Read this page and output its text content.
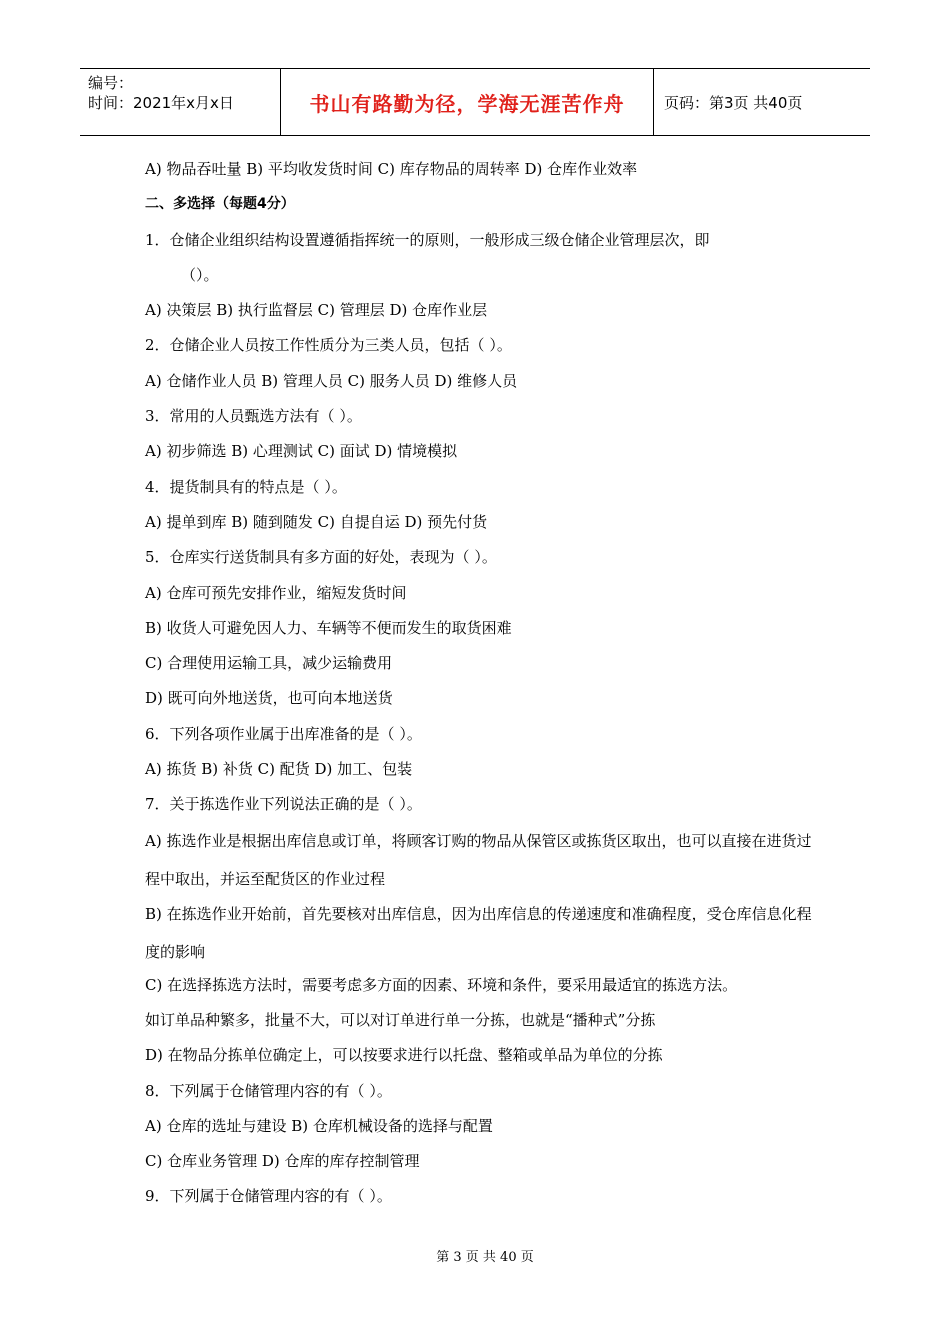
编号：
时间：2021年x月x日	书山有路勤为径，学海无涯苦作舟	页码：第3页 共40页
A) 物品吞吐量 B) 平均收发货时间 C) 库存物品的周转率 D) 仓库作业效率
二、多选择（每题4分）
1．仓储企业组织结构设置遵循指挥统一的原则，一般形成三级仓储企业管理层次，即
（）。
A) 决策层 B) 执行监督层 C) 管理层 D) 仓库作业层
2．仓储企业人员按工作性质分为三类人员，包括（ ）。
A) 仓储作业人员 B) 管理人员 C) 服务人员 D) 维修人员
3．常用的人员甄选方法有（ ）。
A) 初步筛选 B) 心理测试 C) 面试 D) 情境模拟
4．提货制具有的特点是（ ）。
A) 提单到库 B) 随到随发 C) 自提自运 D) 预先付货
5．仓库实行送货制具有多方面的好处，表现为（ ）。
A) 仓库可预先安排作业，缩短发货时间
B) 收货人可避免因人力、车辆等不便而发生的取货困难
C) 合理使用运输工具，减少运输费用
D) 既可向外地送货，也可向本地送货
6．下列各项作业属于出库准备的是（ ）。
A) 拣货 B) 补货 C) 配货 D) 加工、包装
7．关于拣选作业下列说法正确的是（ ）。
A) 拣选作业是根据出库信息或订单，将顾客订购的物品从保管区或拣货区取出，也可以直接在进货过程中取出，并运至配货区的作业过程
B) 在拣选作业开始前，首先要核对出库信息，因为出库信息的传递速度和准确程度，受仓库信息化程度的影响
C) 在选择拣选方法时，需要考虑多方面的因素、环境和条件，要采用最适宜的拣选方法。
如订单品种繁多，批量不大，可以对订单进行单一分拣，也就是“播种式”分拣
D) 在物品分拣单位确定上，可以按要求进行以托盘、整箱或单品为单位的分拣
8．下列属于仓储管理内容的有（ ）。
A) 仓库的选址与建设 B) 仓库机械设备的选择与配置
C) 仓库业务管理 D) 仓库的库存控制管理
9．下列属于仓储管理内容的有（ ）。
第 3 页 共 40 页
